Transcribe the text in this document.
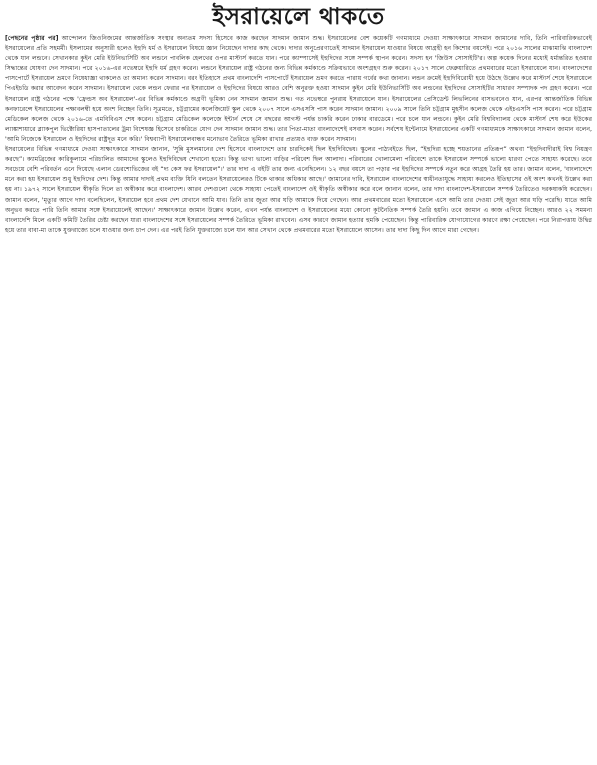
ইসরায়েলে থাকতে

[পেছনের পৃষ্ঠার পর] আন্দোলন জিওনিজমের আন্তর্জাতিক সংস্থার অন্যতম সদস্য হিসেবে কাজ করছেন সাদমান জামান শুদ্ধ। ইসরায়েলের বেশ কয়েকটি গণমাধ্যমে দেওয়া সাক্ষাৎকারে সাদমান জামানের দাবি, তিনি পারিবারিকভাবেই ইসরায়েলের প্রতি সহমর্মী। ইসলামের অনুসারী হলেও ইহুদি ধর্ম ও ইসরায়েল বিষয়ে জ্ঞান নিয়েছেন দাদার কাছ থেকে। দাদার অনুপ্রেরণাতেই সাদমান ইসরায়েল যাওয়ার বিষয়ে আগ্রহী হন কিশোর বয়সেই। পরে ২০১৬ সালের মাঝামাঝি বাংলাদেশ থেকে যান লন্ডনে। সেখানকার কুইন মেরি ইউনিভার্সিটি অব লন্ডনে পাবলিক হেলথের ওপর মাস্টার্স করতে যান। পরে ক্যাম্পাসেই ইহুদিদের সঙ্গে সম্পর্ক স্থাপন করেন। সদস্য হন 'জিউস সোসাইটি'র। অল্প কয়েক দিনের মধ্যেই ধর্মান্তরিত হওয়ার সিদ্ধান্তের ঘোষণা দেন সাদমান। পরে ২০১৬-এর নভেম্বরে ইহুদি ধর্ম গ্রহণ করেন। লন্ডনে ইসরায়েল রাষ্ট্র গঠনের জন্য বিভিন্ন কর্মকাণ্ডে সক্রিয়ভাবে অংশগ্রহণ শুরু করেন। ২০১৭ সালে ফেব্রুয়ারিতে প্রথমবারের মতো ইসরায়েলে যান। বাংলাদেশের পাসপোর্টে ইসরায়েল ভ্রমণে নিষেধাজ্ঞা থাকলেও তা অমান্য করেন সাদমান। বরং ইতিহাসে প্রথম বাংলাদেশি পাসপোর্টে ইসরায়েল ভ্রমণ করতে পারায় গর্বের কথা জানান। লন্ডন ক্রমেই ইহুদিবিরোধী হয়ে উঠছে উল্লেখ করে মাস্টার্স শেষে ইসরায়েলে পিএইচডি করার আবেদন করেন সাদমান। ইসরায়েল থেকে লন্ডন ফেরার পর ইসরায়েল ও ইহুদিদের বিষয়ে আরও বেশি অনুরক্ত হওয়া সাদমান কুইন মেরি ইউনিভার্সিটি অব লন্ডনের ইহুদিদের সোসাইটির সাধারণ সম্পাদক পদ গ্রহণ করেন। পরে ইসরায়েল রাষ্ট্র গঠনের পক্ষে 'ফ্রেন্ডস অব ইসরায়েল'-এর বিভিন্ন কর্মকাণ্ডে অগ্রণী ভূমিকা নেন সাদমান জামান শুদ্ধ। গত নভেম্বরে পুনরায় ইসরায়েলে যান। ইসরায়েলের প্রেসিডেন্ট লিভলিনের বাসভবনেও যান, এরপর আন্তর্জাতিক বিভিন্ন কনফারেন্সে ইসরায়েলের পক্ষাবলম্বী হয়ে অংশ নিচ্ছেন তিনি। সূত্রমতে, চট্টগ্রামের কলেজিয়েট স্কুল থেকে ২০০৭ সালে এসএসসি পাস করেন সাদমান জামান। ২০০৯ সালে তিনি চট্টগ্রাম মুহসীন কলেজ থেকে এইচএসসি পাস করেন। পরে চট্টগ্রাম মেডিকেল কলেজ থেকে ২০১৬-তে এমবিবিএস শেষ করেন। চট্টগ্রাম মেডিকেল কলেজে ইন্টার্ন শেষে সে বছরের আগস্ট পর্যন্ত চাকরি করেন ঢাকার বারডেমে। পরে চলে যান লন্ডনে। কুইন মেরি বিশ্ববিদ্যালয় থেকে মাস্টার্স শেষ করে ইউকের ল্যাঙ্কাশায়ারে ব্ল্যাকপুল ভিক্টোরিয়া হাসপাতালের ট্রমা বিশেষজ্ঞ হিসেবে চাকরিতে যোগ দেন সাদমান জামান শুদ্ধ। তার পিতা-মাতা বাংলাদেশেই বসবাস করেন। সর্বশেষ ইন্টেনামে ইসরায়েলের একটি গণমাধ্যমকে সাক্ষাৎকারে সাদমান জামান বলেন, 'আমি নিজেকে ইসরায়েল ও ইহুদিদের রাষ্ট্রদূত মনে করি।' বিশ্বব্যাপী ইসরায়েলবান্ধব মনোভাব তৈরিতে ভূমিকা রাখার প্রত্যয়ও ব্যক্ত করেন সাদমান।

ইসরায়েলের বিভিন্ন গণমাধ্যমে দেওয়া সাক্ষাৎকারে সাদমান জানান, 'সুন্নি মুসলমানের দেশ হিসেবে বাংলাদেশে তার চারদিকেই ছিল ইহুদিবিদ্বেষ। স্কুলের পাঠ্যবইতে ছিল, “ইহুদিরা হচ্ছে শয়তানের প্রতিরূপ” অথবা “ইহুদিবাদীরাই বিশ্ব নিয়ন্ত্রণ করছে”। ক্যামব্রিজের কারিকুলামে পরিচালিত আমাদের স্কুলেও ইহুদিবিদ্বেষ শেখানো হতো। কিন্তু ভাগ্য ভালো বাড়ির পরিবেশ ছিল আলাদা। পরিবারের খোলামেলা পরিবেশে তাকে ইসরায়েল সম্পর্কে ভালো ধারণা পেতে সাহায্য করেছে। তবে সবচেয়ে বেশি পরিবর্তন এনে দিয়েছে এলান ডেরশোভিজের বই “দ্য কেস ফর ইসরায়েল”।' তার দাদা এ বইটি তার জন্য এনেছিলেন। ১২ বছর বয়সে তা পড়ার পর ইহুদিদের সম্পর্কে নতুন করে আগ্রহ তৈরি হয় তার। জামান বলেন, 'বাংলাদেশে মনে করা হয় ইসরায়েল শুধু ইহুদিদের দেশ। কিন্তু আমার দাদাই প্রথম ব্যক্তি যিনি বলতেন ইসরায়েলেরও টিকে থাকার অধিকার আছে।' জামানের দাবি, ইসরায়েল বাংলাদেশের স্বাধীনতাযুদ্ধে সাহায্য করলেও ইতিহাসের ওই অংশ কখনই উল্লেখ করা হয় না। ১৯৭২ সালে ইসরায়েল স্বীকৃতি দিলে তা অস্বীকার করে বাংলাদেশ। আরব দেশগুলো থেকে সাহায্য পেতেই বাংলাদেশ ওই স্বীকৃতি অস্বীকার করে বলে জানান বলেন, তার দাদা বাংলাদেশ-ইসরায়েল সম্পর্ক তৈরিতেও দরকষাকষি করেছেন। জামান বলেন, 'মৃত্যুর আগে দাদা বলেছিলেন, ইসরায়েল হবে প্রথম দেশ যেখানে আমি যাব। তিনি তার জুতা আর ঘড়ি আমাকে দিয়ে গেছেন। আর প্রথমবারের মতো ইসরায়েলে এসে আমি তার দেওয়া সেই জুতা আর ঘড়ি পরেছি। যাতে আমি অনুভব করতে পারি তিনি আমার সঙ্গে ইসরায়েলেই আছেন।' সাক্ষাৎকারে জামান উল্লেখ করেন, এখন পর্যন্ত বাংলাদেশ ও ইসরায়েলের মধ্যে কোনো কূটনৈতিক সম্পর্ক তৈরি হয়নি। তবে জামান এ কাজ এগিয়ে নিচ্ছেন। আরও ২২ সমমনা বাংলাদেশি মিলে একটি কমিটি তৈরির চেষ্টা করছেন যারা বাংলাদেশের সঙ্গে ইসরায়েলের সম্পর্ক তৈরিতে ভূমিকা রাখবেন। এসব কারণে জামান হত্যার হুমকি পেয়েছেন। কিন্তু পারিবারিক যোগাযোগের কারণে রক্ষা পেয়েছেন। পরে নিরাপত্তায় উদ্বিগ্ন হয়ে তার বাবা-মা তাকে যুক্তরাজ্যে চলে যাওয়ার জন্য চাপ দেন। এর পরই তিনি যুক্তরাজ্যে চলে যান আর সেখান থেকে প্রথমবারের মতো ইসরায়েলে আসেন। তার দাদা কিছু দিন আগে মারা গেছেন।
